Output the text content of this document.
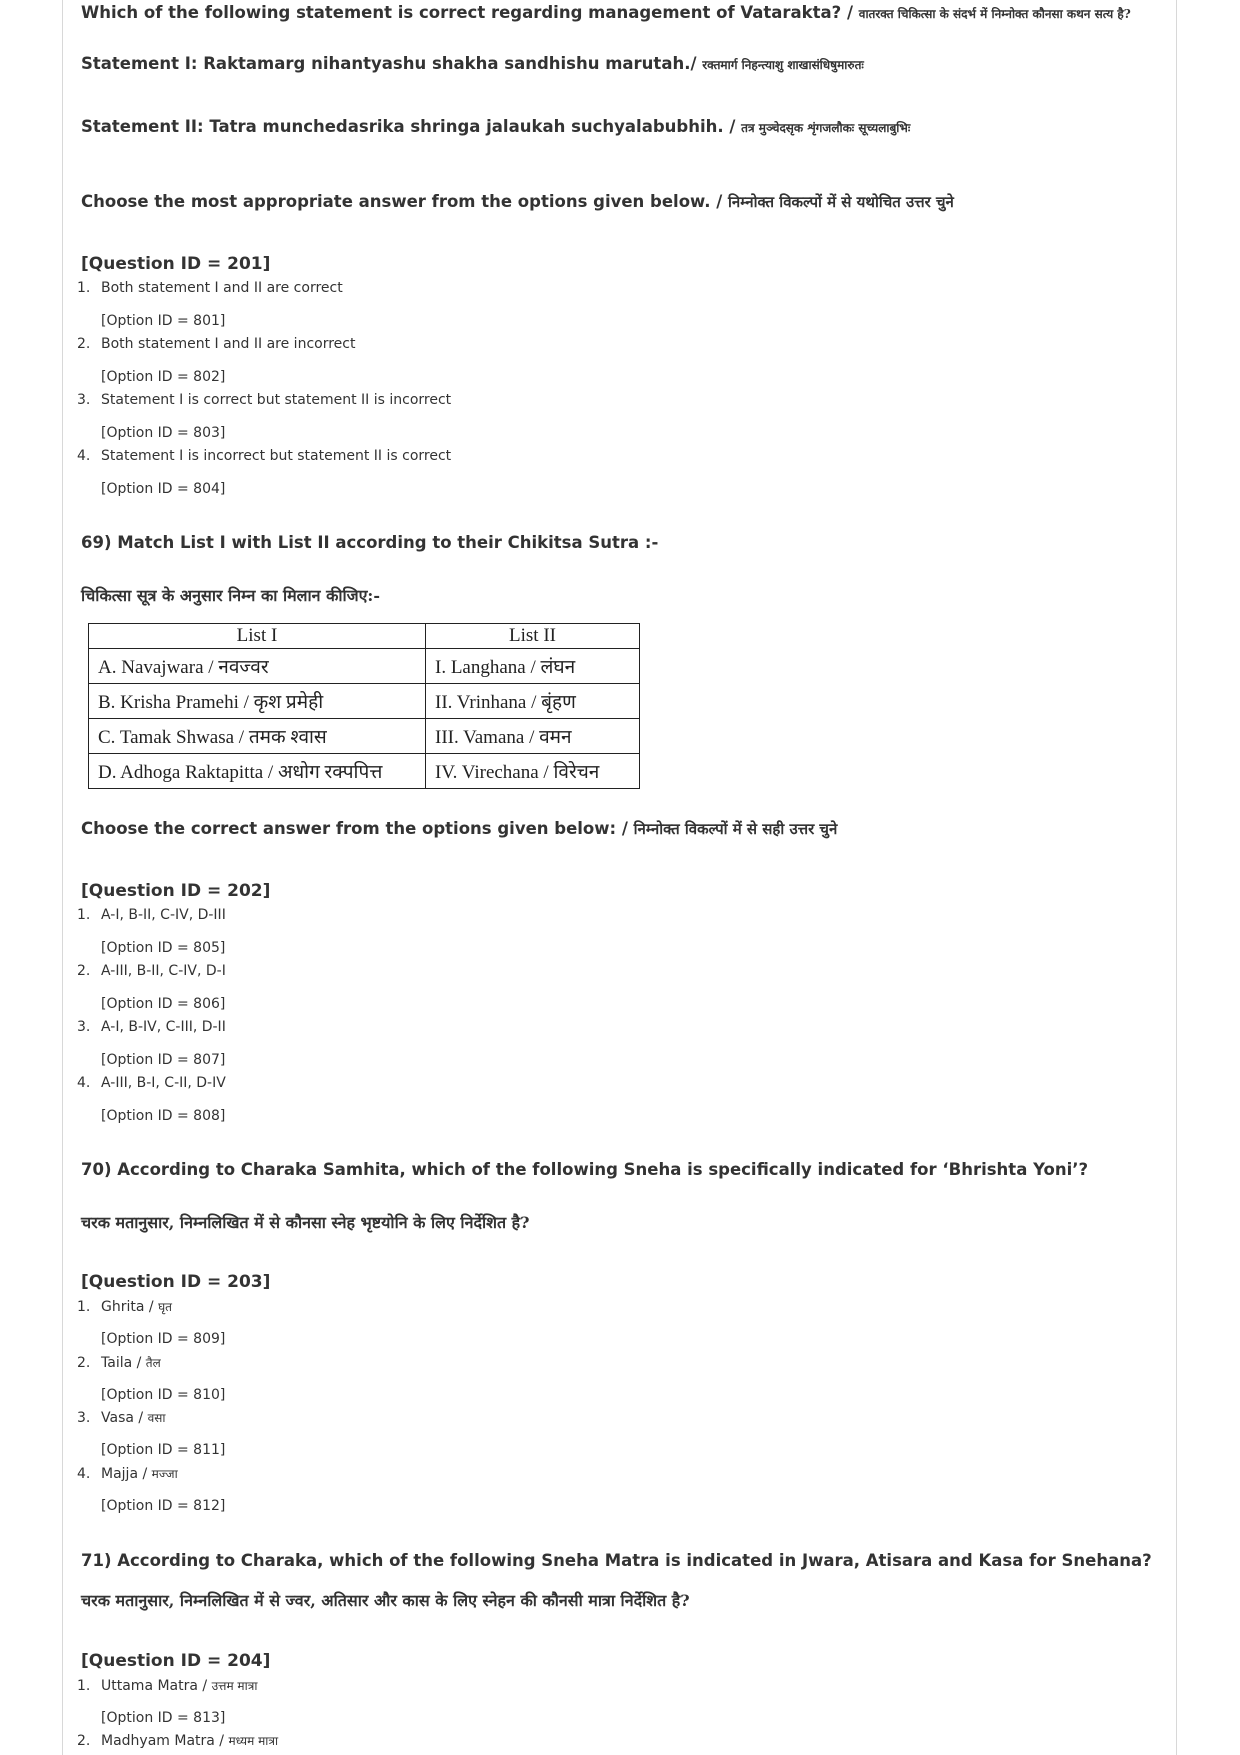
Which of the following statement is correct regarding management of Vatarakta? / वातरक्त चिकित्सा के संदर्भ में निम्नोक्त कौनसा कथन सत्य है?
Statement I: Raktamarg nihantyashu shakha sandhishu marutah./ रक्तमार्ग निहन्त्याशु शाखासंधिषुमारुतः
Statement II: Tatra munchedasrika shringa jalaukah suchyalabubhih. / तत्र मुञ्चेदसृक शृंगजलौकः सूच्यलाबुभिः
Choose the most appropriate answer from the options given below. / निम्नोक्त विकल्पों में से यथोचित उत्तर चुने
[Question ID = 201]
1. Both statement I and II are correct
[Option ID = 801]
2. Both statement I and II are incorrect
[Option ID = 802]
3. Statement I is correct but statement II is incorrect
[Option ID = 803]
4. Statement I is incorrect but statement II is correct
[Option ID = 804]
69) Match List I with List II according to their Chikitsa Sutra :-
चिकित्सा सूत्र के अनुसार निम्न का मिलान कीजिए:-
List I	List II
A. Navajwara / नवज्वर	I. Langhana / लंघन
B. Krisha Pramehi / कृश प्रमेही	II. Vrinhana / बृंहण
C. Tamak Shwasa / तमक श्वास	III. Vamana / वमन
D. Adhoga Raktapitta / अधोग रक्पपित्त	IV. Virechana / विरेचन
Choose the correct answer from the options given below: / निम्नोक्त विकल्पों में से सही उत्तर चुने
[Question ID = 202]
1. A-I, B-II, C-IV, D-III
[Option ID = 805]
2. A-III, B-II, C-IV, D-I
[Option ID = 806]
3. A-I, B-IV, C-III, D-II
[Option ID = 807]
4. A-III, B-I, C-II, D-IV
[Option ID = 808]
70) According to Charaka Samhita, which of the following Sneha is specifically indicated for ‘Bhrishta Yoni’?
चरक मतानुसार, निम्नलिखित में से कौनसा स्नेह भृष्टयोनि के लिए निर्देशित है?
[Question ID = 203]
1. Ghrita / घृत
[Option ID = 809]
2. Taila / तैल
[Option ID = 810]
3. Vasa / वसा
[Option ID = 811]
4. Majja / मज्जा
[Option ID = 812]
71) According to Charaka, which of the following Sneha Matra is indicated in Jwara, Atisara and Kasa for Snehana?
चरक मतानुसार, निम्नलिखित में से ज्वर, अतिसार और कास के लिए स्नेहन की कौनसी मात्रा निर्देशित है?
[Question ID = 204]
1. Uttama Matra / उत्तम मात्रा
[Option ID = 813]
2. Madhyam Matra / मध्यम मात्रा
